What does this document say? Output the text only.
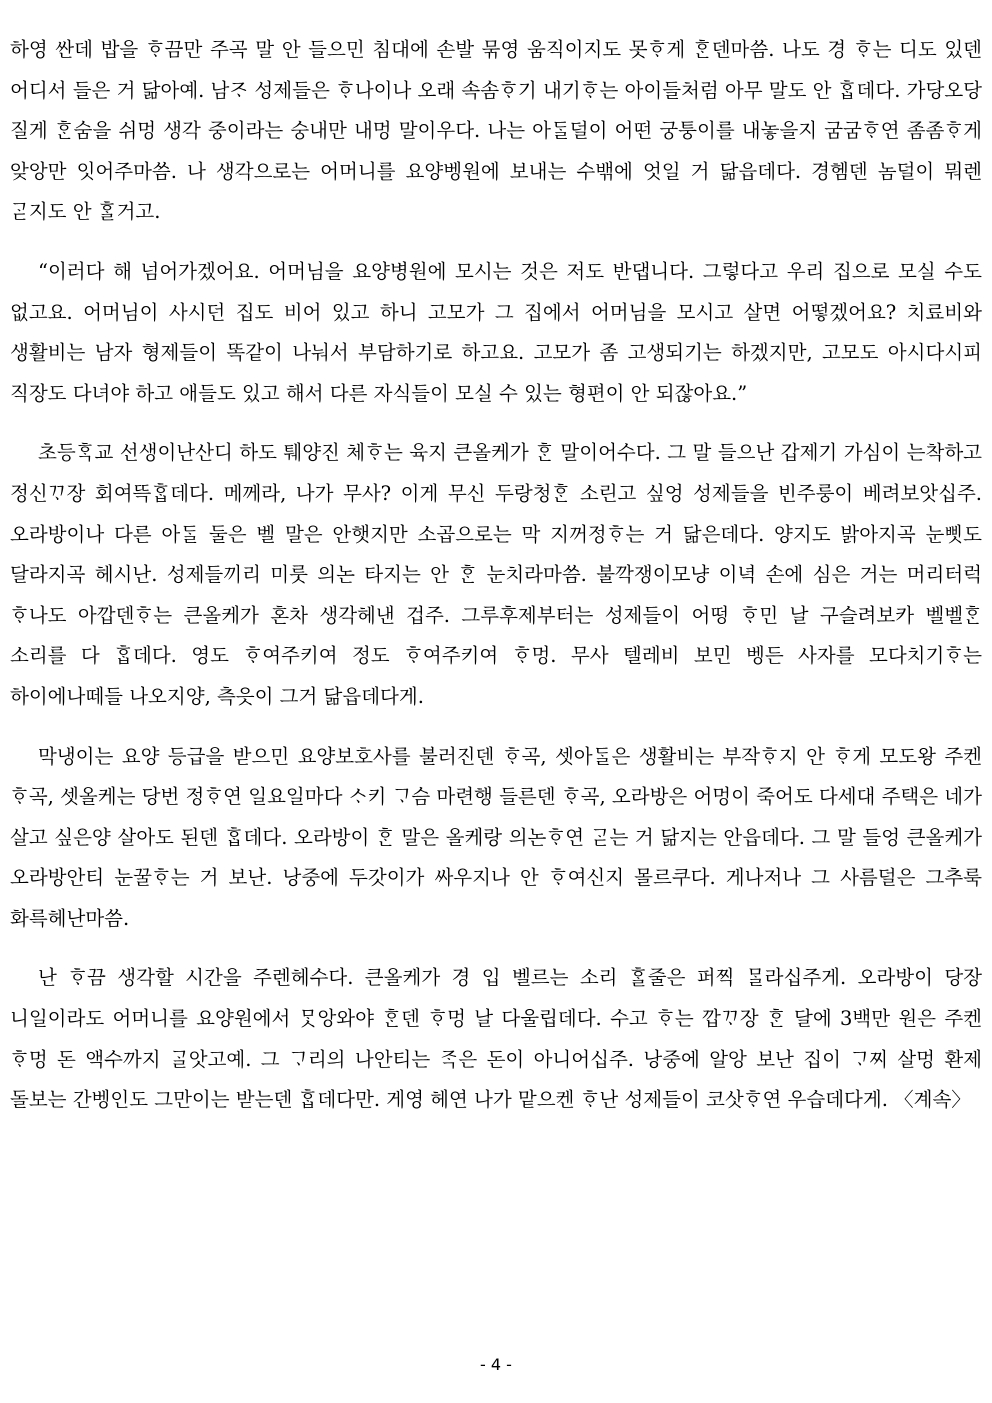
하영 싼데 밥을 ᄒᆞ끔만 주곡 말 안 들으민 침대에 손발 묶영 움직이지도 못ᄒᆞ게 ᄒᆞᆫ덴마씀. 나도 경 ᄒᆞ는 디도 있덴 어디서 들은 거 닮아예. 남ᄌᆞ 성제들은 ᄒᆞ나이나 오래 속솜ᄒᆞ기 내기ᄒᆞ는 아이들처럼 아무 말도 안 ᄒᆞᆸ데다. 가당오당 질게 ᄒᆞᆫ숨을 쉬멍 생각 중이라는 숭내만 내멍 말이우다. 나는 아ᄃᆞᆯ덜이 어떤 궁퉁이를 내놓을지 굼굼ᄒᆞ연 좀좀ᄒᆞ게 앚앙만 잇어주마씀. 나 생각으로는 어머니를 요양벵원에 보내는 수밲에 엇일 거 닮읍데다. 경헴덴 놈덜이 뭐렌 ᄀᆞᆮ지도 안 ᄒᆞᆯ거고.

“이러다 해 넘어가겠어요. 어머님을 요양병원에 모시는 것은 저도 반댑니다. 그렇다고 우리 집으로 모실 수도 없고요. 어머님이 사시던 집도 비어 있고 하니 고모가 그 집에서 어머님을 모시고 살면 어떻겠어요? 치료비와 생활비는 남자 형제들이 똑같이 나눠서 부담하기로 하고요. 고모가 좀 고생되기는 하겠지만, 고모도 아시다시피 직장도 다녀야 하고 애들도 있고 해서 다른 자식들이 모실 수 있는 형편이 안 되잖아요.”

초등ᄒᆞᆨ교 선생이난산디 하도 퉤양진 체ᄒᆞ는 육지 큰올케가 ᄒᆞᆫ 말이어수다. 그 말 들으난 갑제기 가심이 는착하고 정신ᄁᆞ장 회여뜩ᄒᆞᆸ데다. 메께라, 나가 무사? 이게 무신 두랑청ᄒᆞᆫ 소린고 싶엉 성제들을 빈주룽이 베려보앗십주. 오라방이나 다른 아ᄃᆞᆯ 둘은 벨 말은 안햇지만 소곱으로는 막 지꺼정ᄒᆞ는 거 닮은데다. 양지도 밝아지곡 눈삣도 달라지곡 헤시난. 성제들끼리 미룻 의논 타지는 안 ᄒᆞᆫ 눈치라마씀. 불깍쟁이모냥 이녁 손에 심은 거는 머리터럭 ᄒᆞ나도 아깝덴ᄒᆞ는 큰올케가 혼차 생각헤낸 겁주. 그루후제부터는 성제들이 어떵 ᄒᆞ민 날 구슬려보카 벨벨ᄒᆞᆫ 소리를 다 ᄒᆞᆸ데다. 영도 ᄒᆞ여주키여 정도 ᄒᆞ여주키여 ᄒᆞ멍. 무사 텔레비 보민 벵든 사자를 모다치기ᄒᆞ는 하이에나떼들 나오지양, 측읏이 그거 닮읍데다게.

막냉이는 요양 등급을 받으민 요양보호사를 불러진덴 ᄒᆞ곡, 셋아ᄃᆞᆯ은 생활비는 부작ᄒᆞ지 안 ᄒᆞ게 모도왕 주켄 ᄒᆞ곡, 셋올케는 당번 정ᄒᆞ연 일요일마다 ᄉᆞ키 ᄀᆞ슴 마련행 들른덴 ᄒᆞ곡, 오라방은 어멍이 죽어도 다세대 주택은 네가 살고 싶은양 살아도 된덴 ᄒᆞᆸ데다. 오라방이 ᄒᆞᆫ 말은 올케랑 의논ᄒᆞ연 ᄀᆞᆮ는 거 닮지는 안읍데다. 그 말 들엉 큰올케가 오라방안티 눈꿀ᄒᆞ는 거 보난. 낭중에 두갓이가 싸우지나 안 ᄒᆞ여신지 몰르쿠다. 게나저나 그 사름덜은 그추룩 화륵헤난마씀.

난 ᄒᆞ끔 생각할 시간을 주렌헤수다. 큰올케가 경 입 벨르는 소리 ᄒᆞᆯ줄은 퍼찍 ᄆᆞᆯ라십주게. 오라방이 당장 니일이라도 어머니를 요양원에서 ᄆᆞᆺ앙와야 ᄒᆞᆫ덴 ᄒᆞ멍 날 다울립데다. 수고 ᄒᆞ는 깝ᄁᆞ장 ᄒᆞᆫ 달에 3백만 원은 주켄 ᄒᆞ멍 돈 액수까지 ᄀᆞᆯ앗고예. 그 ᄀᆞ리의 나안티는 ᄌᆞᆨ은 돈이 아니어십주. 낭중에 알앙 보난 집이 ᄀᆞ찌 살멍 환제 돌보는 간벵인도 그만이는 받는덴 ᄒᆞᆸ데다만. 게영 헤연 나가 맡으켄 ᄒᆞ난 성제들이 코삿ᄒᆞ연 우습데다게. 〈계속〉

- 4 -
